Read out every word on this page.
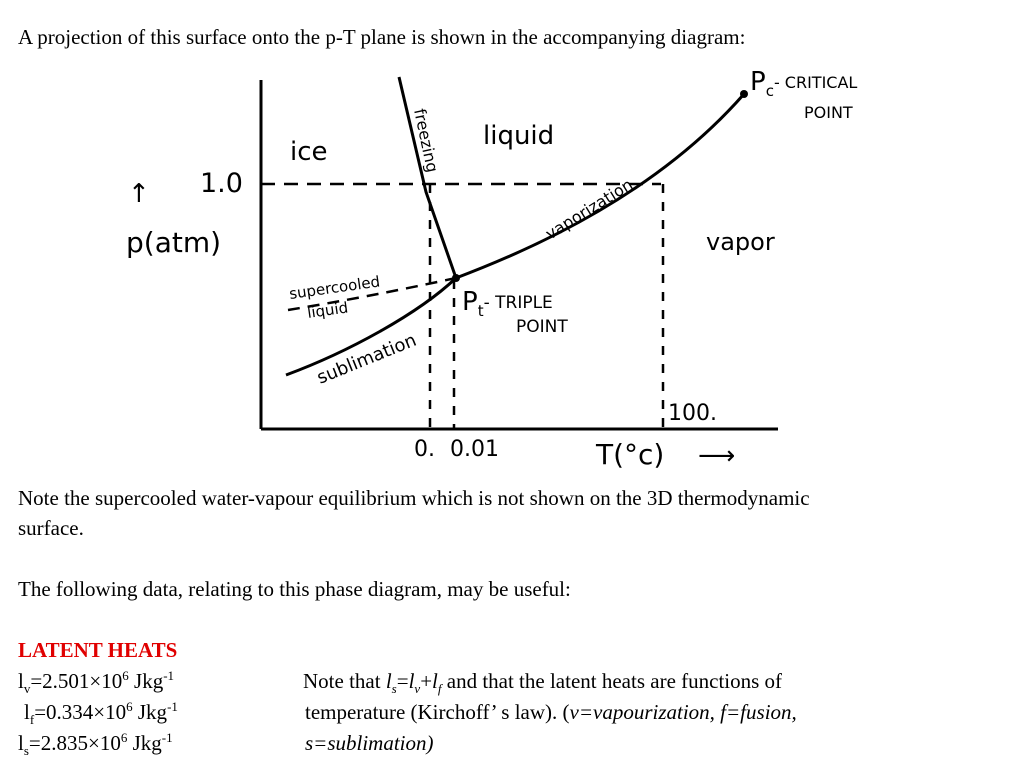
A projection of this surface onto the p-T plane is shown in the accompanying diagram:
↑
p(atm)
1.0
0. 0.01
100.
T(°c) ⟶
ice
liquid
vapor
freezing
vaporization
sublimation
supercooled
liquid	$P_t^{- TRIPLE}$
POINT
$P_c^{- CRITICAL}$
POINT
Note the supercooled water-vapour equilibrium which is not shown on the 3D thermodynamic
surface.
The following data, relating to this phase diagram, may be useful:
LATENT HEATS
$l_v=2.501\times 10^6$ Jkg$^{-1}$
$l_f=0.334\times 10^6$ Jkg$^{-1}$
$l_s=2.835\times 10^6$ Jkg$^{-1}$
Note that $l_s=l_v+l_f$ and that the latent heats are functions of
temperature (Kirchoff’ s law). (v=vapourization, f=fusion,
s=sublimation)
